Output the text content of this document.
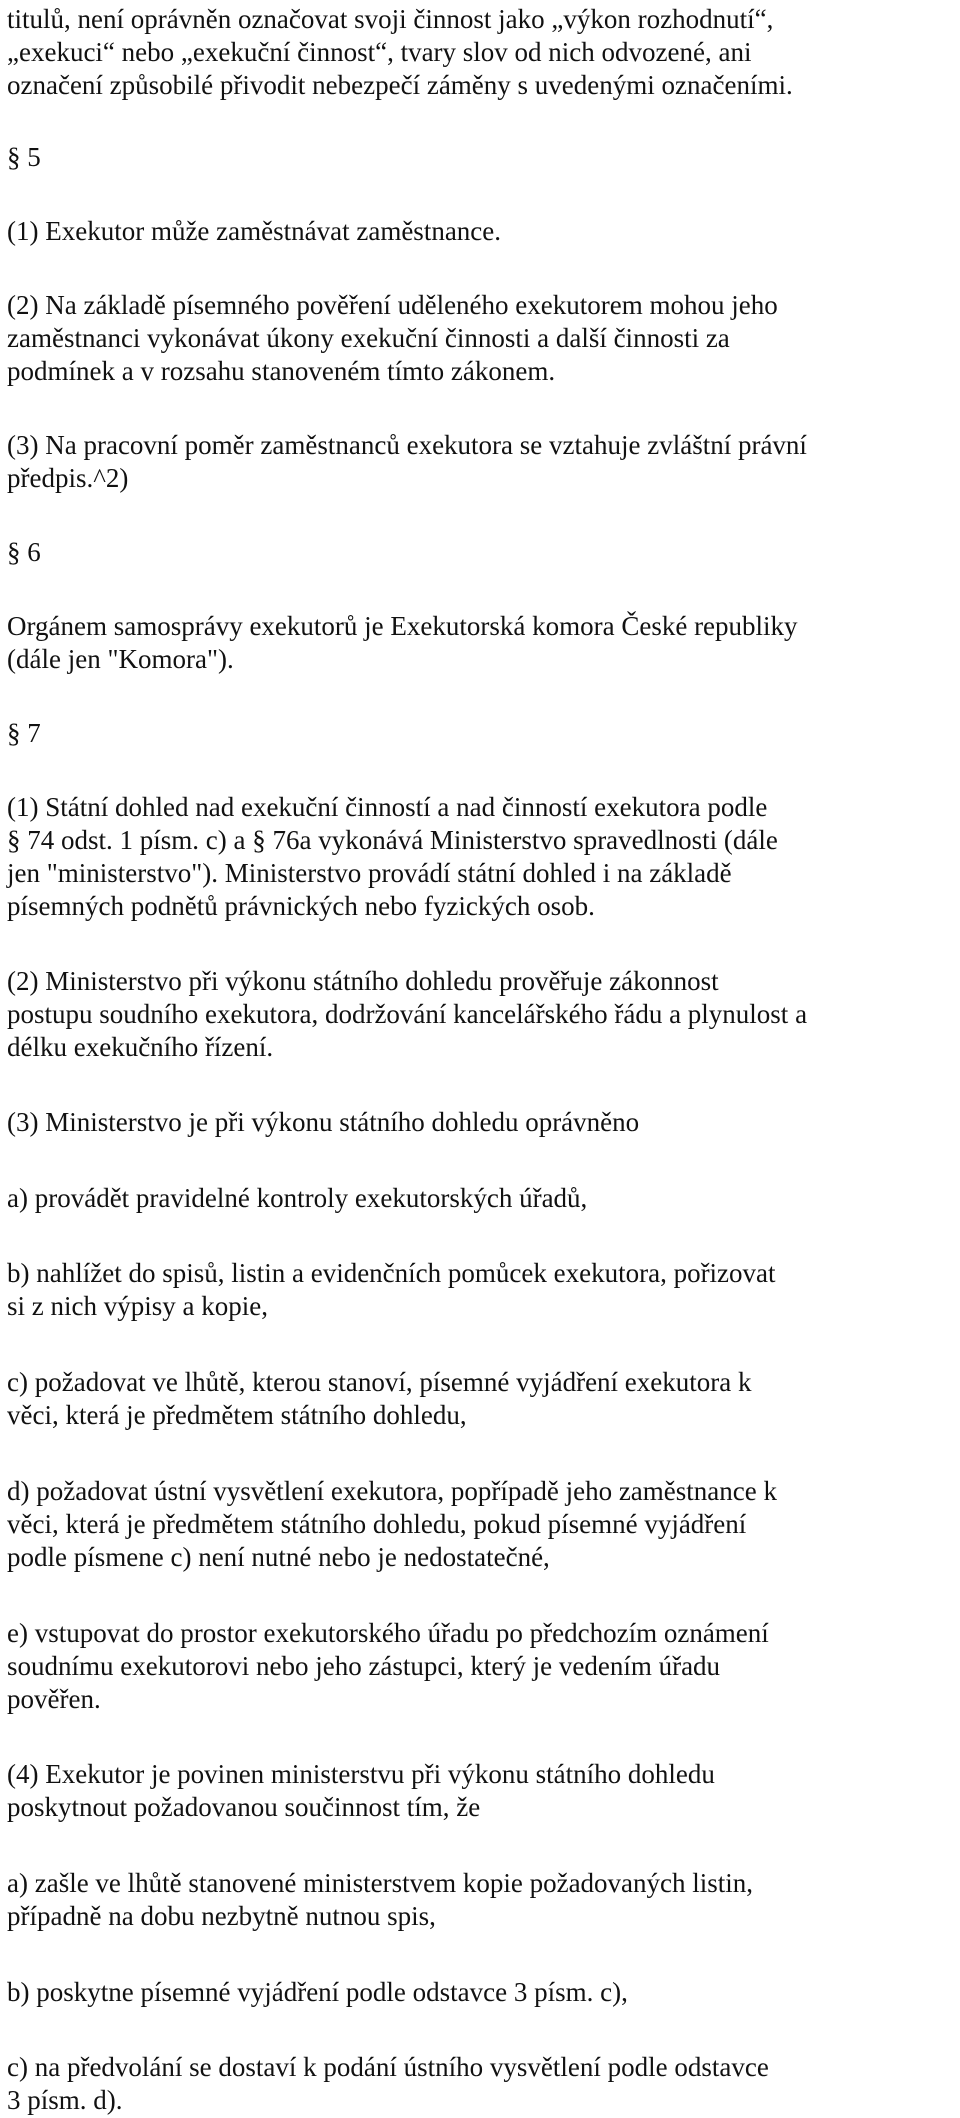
titulů, není oprávněn označovat svoji činnost jako „výkon rozhodnutí“,
„exekuci“ nebo „exekuční činnost“, tvary slov od nich odvozené, ani
označení způsobilé přivodit nebezpečí záměny s uvedenými označeními.
§ 5
(1) Exekutor může zaměstnávat zaměstnance.
(2) Na základě písemného pověření uděleného exekutorem mohou jeho
zaměstnanci vykonávat úkony exekuční činnosti a další činnosti za
podmínek a v rozsahu stanoveném tímto zákonem.
(3) Na pracovní poměr zaměstnanců exekutora se vztahuje zvláštní právní
předpis.^2)
§ 6
Orgánem samosprávy exekutorů je Exekutorská komora České republiky
(dále jen "Komora").
§ 7
(1) Státní dohled nad exekuční činností a nad činností exekutora podle
§ 74 odst. 1 písm. c) a § 76a vykonává Ministerstvo spravedlnosti (dále
jen "ministerstvo"). Ministerstvo provádí státní dohled i na základě
písemných podnětů právnických nebo fyzických osob.
(2) Ministerstvo při výkonu státního dohledu prověřuje zákonnost
postupu soudního exekutora, dodržování kancelářského řádu a plynulost a
délku exekučního řízení.
(3) Ministerstvo je při výkonu státního dohledu oprávněno
a) provádět pravidelné kontroly exekutorských úřadů,
b) nahlížet do spisů, listin a evidenčních pomůcek exekutora, pořizovat
si z nich výpisy a kopie,
c) požadovat ve lhůtě, kterou stanoví, písemné vyjádření exekutora k
věci, která je předmětem státního dohledu,
d) požadovat ústní vysvětlení exekutora, popřípadě jeho zaměstnance k
věci, která je předmětem státního dohledu, pokud písemné vyjádření
podle písmene c) není nutné nebo je nedostatečné,
e) vstupovat do prostor exekutorského úřadu po předchozím oznámení
soudnímu exekutorovi nebo jeho zástupci, který je vedením úřadu
pověřen.
(4) Exekutor je povinen ministerstvu při výkonu státního dohledu
poskytnout požadovanou součinnost tím, že
a) zašle ve lhůtě stanovené ministerstvem kopie požadovaných listin,
případně na dobu nezbytně nutnou spis,
b) poskytne písemné vyjádření podle odstavce 3 písm. c),
c) na předvolání se dostaví k podání ústního vysvětlení podle odstavce
3 písm. d).
